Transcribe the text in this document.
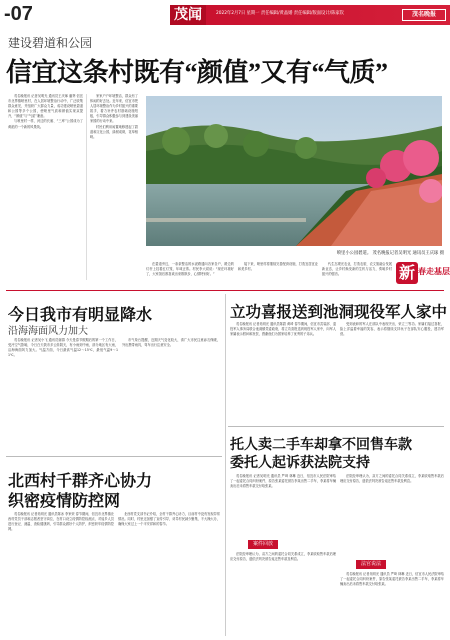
-07	茂闻	2022年2月7日 星期一 责任编辑/黄晶婚 责任编辑/版面设计/陈家钦	茂名晚报
建设碧道和公园
信宜这条村既有“颜值”又有“气质”

茂名晚报讯 记者吴明光 通讯员王庆琢 潘葵 信宜市北界镇喷里村，在人居环境整治行动中，广泛收集群众意见，并组织广大群众力量，成功建设喷里碧道和公园等多个公园，使喷里气质和颜值实现双提升，“颜值”与“气质”兼备。

与喷里村一样，河边的长廊、“三库”公园成为了黄泥的一个新的风景线。

家家户户环境整洁，群众有了休闲的好去处。近年来，信宜市把人居环境整治作为乡村振兴的重要抓手，着力补齐农村基础设施短板，引导群众积极参与到建设美丽家园的行动中来。

村民们利用闲置地修建起了碧道和文化公园，绿树成荫，花草相映。

喷里小公园碧道。 茂名晚报记者吴明光 通讯员王庆琢 摄

在碧道旁边，一条条整洁的水泥路通向各家各户，路边的灯杆上挂着红灯笼，年味正浓。村民李大叔说：“现在环境好了，大家饭后都喜欢出来散散步，心情特别好。”

接下来，喷里村将继续完善配套设施，打造宜居宜业和美乡村。

代生态观光农业，打造农旅、农文旅融合发展新业态，让乡村焕发新的生机与活力，奏响乡村振兴的强音。	新 春走基层
今日我市有明显降水
沿海海面风力加大

茂名晚报讯 记者吴小飞 通讯员谢群 今天是春节假期后的第一个工作日，受冷空气影响，今日白天我市多云转阴天，有小雨到中雨，部分地区有大雨，沿海海面风力加大。气温方面，今日最高气温12～15℃，最低气温9～11℃。

市气象台提醒，近期天气变化较大，请广大市民注意添衣保暖，外出携带雨具，驾车出行注意安全。

北西村千群齐心协力
织密疫情防控网

茂名晚报讯 记者吴明光 通讯员陈冰 李家荣 春节期间，信宜市北界镇北西村党员干部和志愿者坚守岗位，在村口设立疫情防控检测点，对返乡人员进行登记、测温、查验健康码，引导群众做好个人防护，织密织牢疫情防控网。

北西村党支部书记介绍，全村干群齐心协力，目前村中没有发现异常情况。同时，村里还加强了宣传引导，劝导村民减少聚集，不大操大办，确保大家过上一个平安祥和的春节。

立功喜报送到池洞现役军人家中

茂名晚报讯 记者吴明光 通讯员陈碧 黄琦 春节期间，信宜市武装部、退役军人事务局联合池洞镇党委政府，将立功喜报送到现役军人家中，向军人家属表示慰问和祝贺，感谢他们为国家培养了优秀的子弟兵。

受到表彰的军人在部队中表现突出，荣立三等功。家属们接过喜报，脸上洋溢着幸福的笑容，表示将继续支持孩子在部队安心服役，建功军营。

托人卖二手车却拿不回售车款
委托人起诉获法院支持

茂名晚报讯 记者吴明光 通讯员 严琦 林琳 近日，信宜市人民法院审结了一起委托合同纠纷案件，原告张某委托被告李某出售二手车，李某将车辆卖出后未将售车款交付给张某。

案件回放

法院经审理认为，双方之间的委托合同关系成立，李某收取售车款后理应交付原告，遂依法判决被告返还售车款及利息。

法院经审理认为，双方之间的委托合同关系成立，李某收取售车款后理应交付原告，遂依法判决被告返还售车款及利息。

法官说法

茂名晚报讯 记者吴明光 通讯员 严琦 林琳 近日，信宜市人民法院审结了一起委托合同纠纷案件，原告张某委托被告李某出售二手车，李某将车辆卖出后未将售车款交付给张某。
